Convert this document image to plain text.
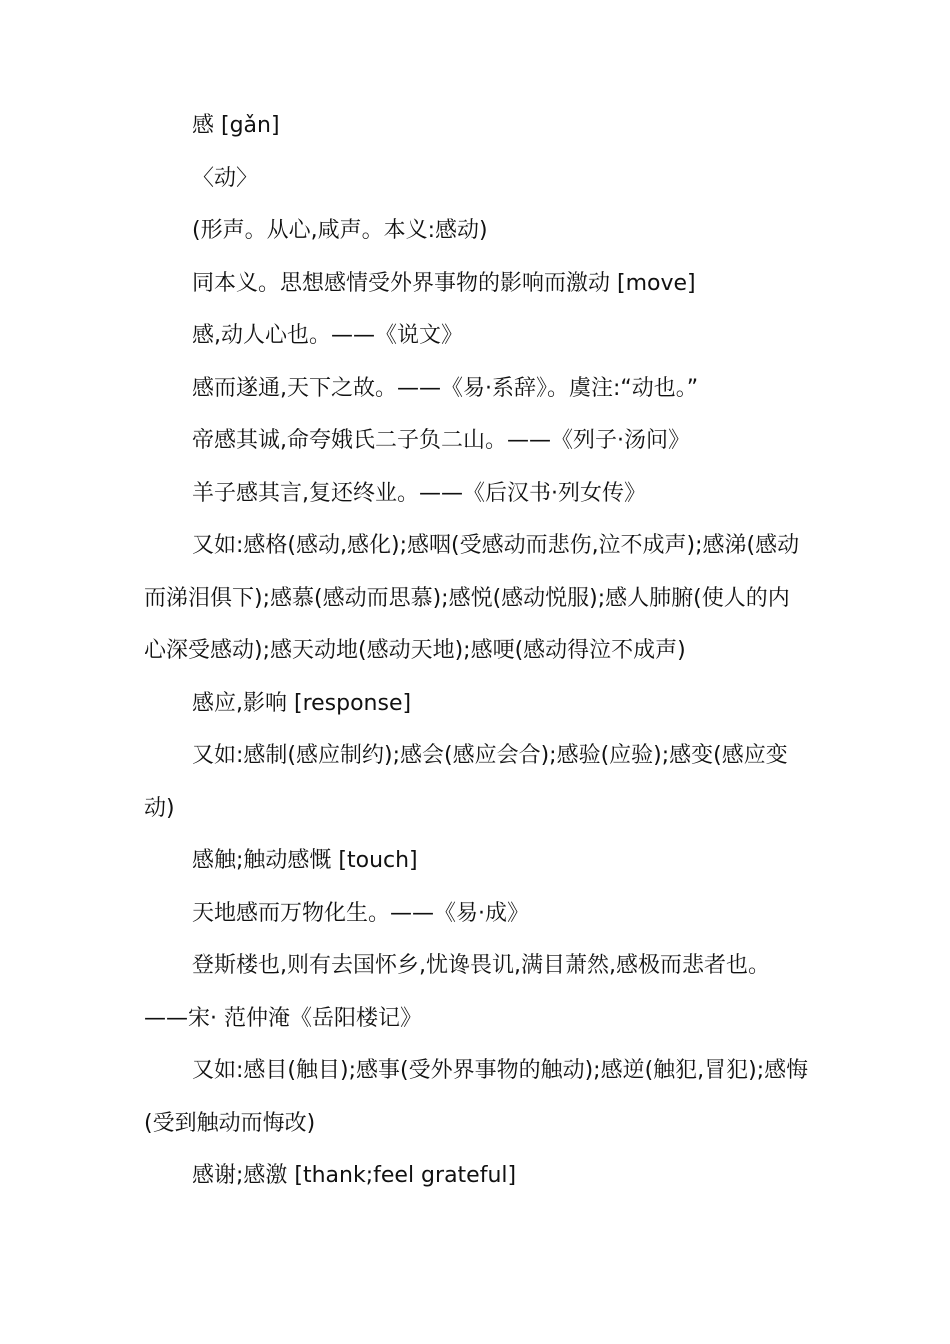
感 [gǎn]

〈动〉

(形声。从心,咸声。本义:感动)

同本义。思想感情受外界事物的影响而激动 [move]

感,动人心也。——《说文》

感而遂通,天下之故。——《易·系辞》。虞注:“动也。”

帝感其诚,命夸娥氏二子负二山。——《列子·汤问》

羊子感其言,复还终业。——《后汉书·列女传》

又如:感格(感动,感化);感咽(受感动而悲伤,泣不成声);感涕(感动而涕泪俱下);感慕(感动而思慕);感悦(感动悦服);感人肺腑(使人的内心深受感动);感天动地(感动天地);感哽(感动得泣不成声)

感应,影响 [response]

又如:感制(感应制约);感会(感应会合);感验(应验);感变(感应变动)

感触;触动感慨 [touch]

天地感而万物化生。——《易·成》

登斯楼也,则有去国怀乡,忧谗畏讥,满目萧然,感极而悲者也。——宋· 范仲淹《岳阳楼记》

又如:感目(触目);感事(受外界事物的触动);感逆(触犯,冒犯);感悔(受到触动而悔改)

感谢;感激 [thank;feel grateful]
